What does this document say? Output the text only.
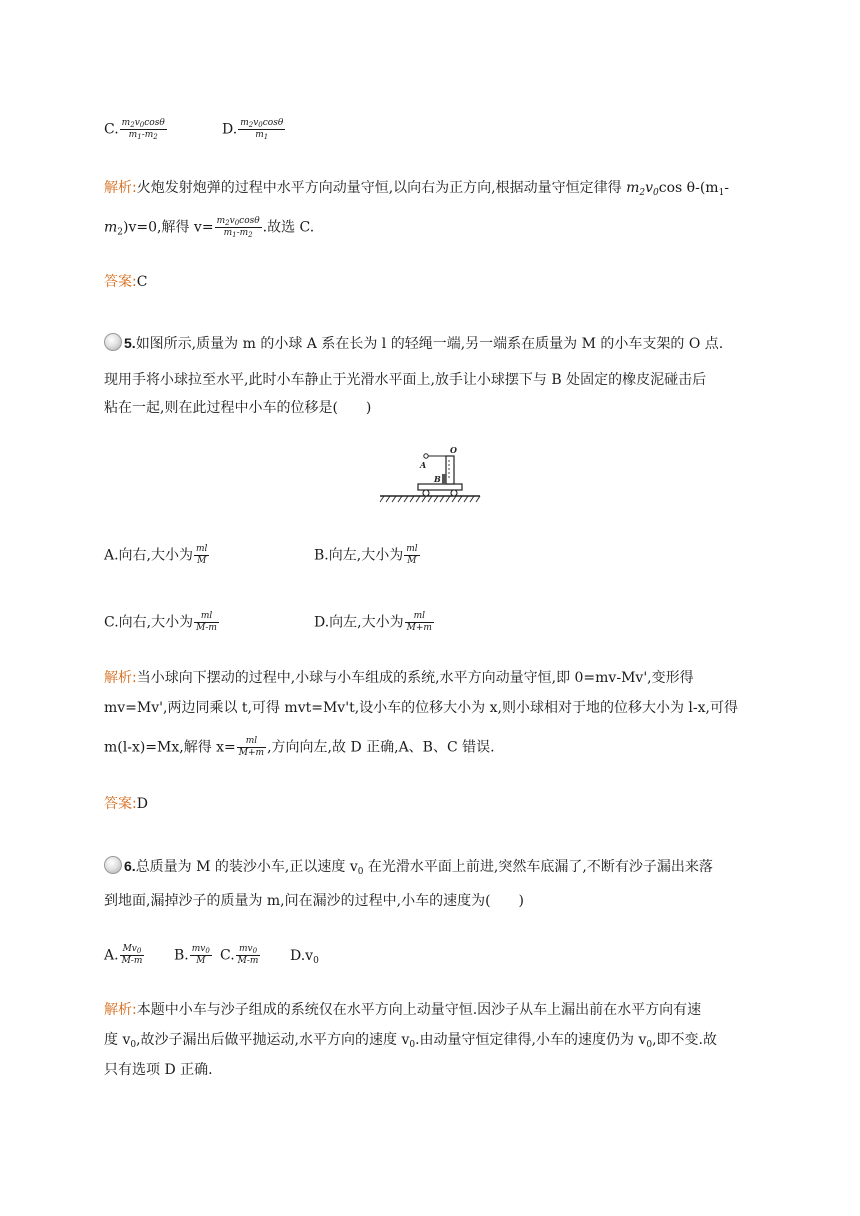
C. $\frac{m_2v_0\cos\theta}{m_1-m_2}$	D. $\frac{m_2v_0\cos\theta}{m_1}$
解析:火炮发射炮弹的过程中水平方向动量守恒,以向右为正方向,根据动量守恒定律得 $m_2v_0\cos$ $\theta-(m_1-$
$m_2)v=0$,解得 $v= \frac{m_2v_0\cos\theta}{m_1-m_2}$ .故选 C.
答案:C
5.如图所示,质量为 m 的小球 A 系在长为 l 的轻绳一端,另一端系在质量为 M 的小车支架的 O 点.
现用手将小球拉至水平,此时小车静止于光滑水平面上,放手让小球摆下与 B 处固定的橡皮泥碰击后
粘在一起,则在此过程中小车的位移是(　　)
O
A
B
A.向右,大小为 $\frac{ml}{M}$	B.向左,大小为 $\frac{ml}{M}$
C.向右,大小为 $\frac{ml}{M-m}$	D.向左,大小为 $\frac{ml}{M+m}$
解析:当小球向下摆动的过程中,小球与小车组成的系统,水平方向动量守恒,即 0=mv-Mv',变形得
mv=Mv',两边同乘以 t,可得 mvt=Mv't,设小车的位移大小为 x,则小球相对于地的位移大小为 l-x,可得
m(l-x)=Mx,解得 $x= \frac{ml}{M+m}$ ,方向向左,故 D 正确,A、B、C 错误.
答案:D
6.总质量为 M 的装沙小车,正以速度 $v_0$ 在光滑水平面上前进,突然车底漏了,不断有沙子漏出来落
到地面,漏掉沙子的质量为 m,问在漏沙的过程中,小车的速度为(　　)
A. $\frac{Mv_0}{M-m} B$. $\frac{mv_0}{M} C$. $\frac{mv_0}{M-m} D.v_0$
解析:本题中小车与沙子组成的系统仅在水平方向上动量守恒.因沙子从车上漏出前在水平方向有速
度 $v_0$,故沙子漏出后做平抛运动,水平方向的速度 $v_0$.由动量守恒定律得,小车的速度仍为 $v_0$,即不变.故
只有选项 D 正确.
